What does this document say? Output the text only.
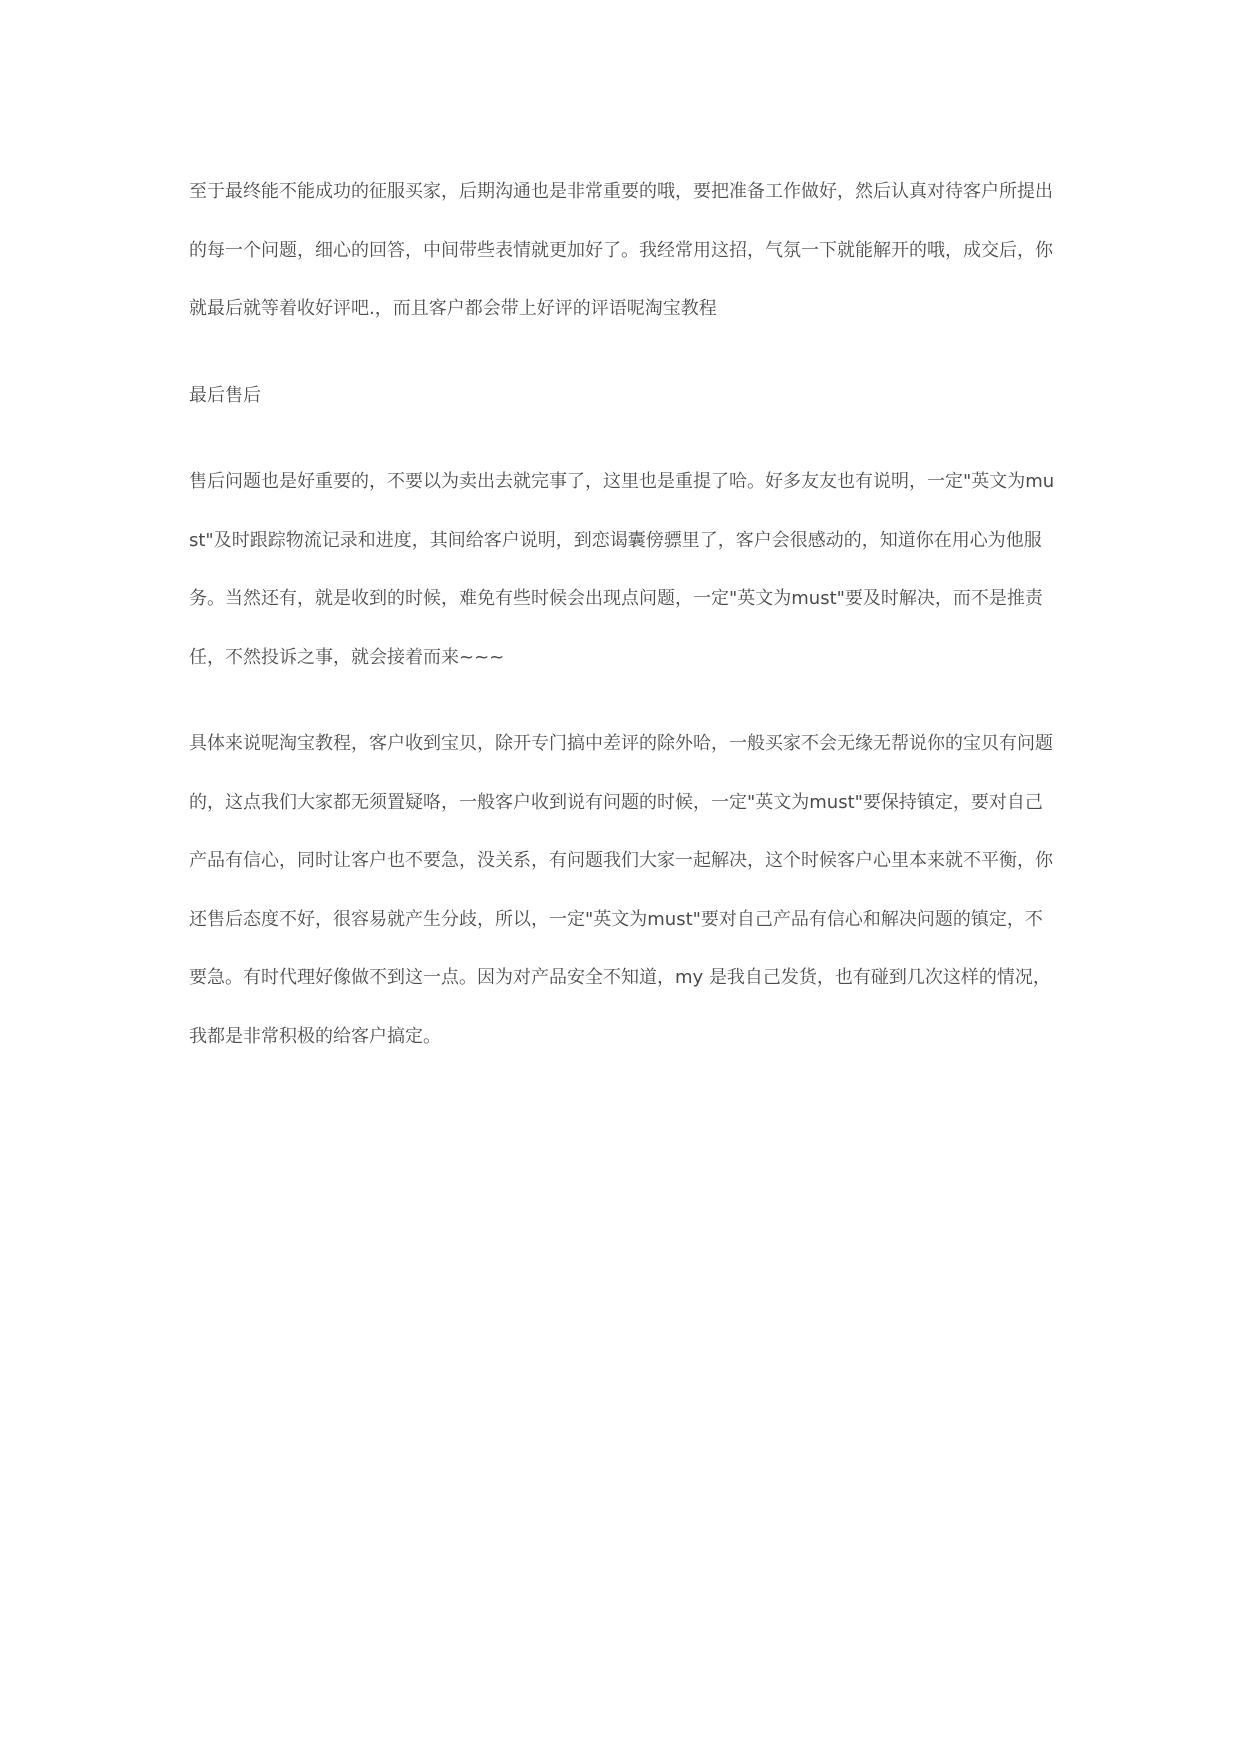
至于最终能不能成功的征服买家，后期沟通也是非常重要的哦，要把准备工作做好，然后认真对待客户所提出的每一个问题，细心的回答，中间带些表情就更加好了。我经常用这招，气氛一下就能解开的哦，成交后，你就最后就等着收好评吧.，而且客户都会带上好评的评语呢淘宝教程

最后售后

售后问题也是好重要的，不要以为卖出去就完事了，这里也是重提了哈。好多友友也有说明，一定"英文为must"及时跟踪物流记录和进度，其间给客户说明，到恋谒囊傍骠里了，客户会很感动的，知道你在用心为他服务。当然还有，就是收到的时候，难免有些时候会出现点问题，一定"英文为must"要及时解决，而不是推责任，不然投诉之事，就会接着而来~~~

具体来说呢淘宝教程，客户收到宝贝，除开专门搞中差评的除外哈，一般买家不会无缘无帮说你的宝贝有问题的，这点我们大家都无须置疑咯，一般客户收到说有问题的时候，一定"英文为must"要保持镇定，要对自己产品有信心，同时让客户也不要急，没关系，有问题我们大家一起解决，这个时候客户心里本来就不平衡，你还售后态度不好，很容易就产生分歧，所以，一定"英文为must"要对自己产品有信心和解决问题的镇定，不要急。有时代理好像做不到这一点。因为对产品安全不知道，my 是我自己发货，也有碰到几次这样的情况，我都是非常积极的给客户搞定。
